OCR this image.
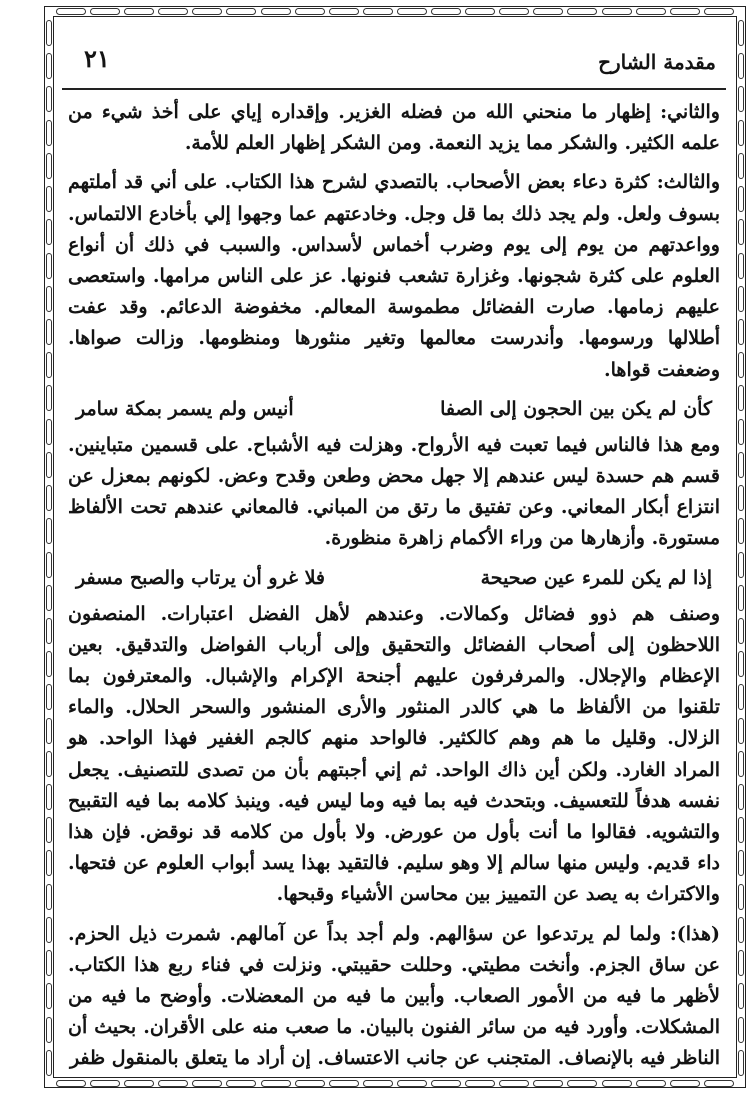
مقدمة الشارح
٢١

والثاني: إظهار ما منحني الله من فضله الغزير. وإقداره إياي على أخذ شيء من علمه الكثير. والشكر مما يزيد النعمة. ومن الشكر إظهار العلم للأمة.

والثالث: كثرة دعاء بعض الأصحاب. بالتصدي لشرح هذا الكتاب. على أني قد أملتهم بسوف ولعل. ولم يجد ذلك بما قل وجل. وخادعتهم عما وجهوا إلي بأخادع الالتماس. وواعدتهم من يوم إلى يوم وضرب أخماس لأسداس. والسبب في ذلك أن أنواع العلوم على كثرة شجونها. وغزارة تشعب فنونها. عز على الناس مرامها. واستعصى عليهم زمامها. صارت الفضائل مطموسة المعالم. مخفوضة الدعائم. وقد عفت أطلالها ورسومها. وأندرست معالمها وتغير منثورها ومنظومها. وزالت صواها. وضعفت قواها.

كأن لم يكن بين الحجون إلى الصفا
أنيس ولم يسمر بمكة سامر

ومع هذا فالناس فيما تعبت فيه الأرواح. وهزلت فيه الأشباح. على قسمين متباينين. قسم هم حسدة ليس عندهم إلا جهل محض وطعن وقدح وعض. لكونهم بمعزل عن انتزاع أبكار المعاني. وعن تفتيق ما رتق من المباني. فالمعاني عندهم تحت الألفاظ مستورة. وأزهارها من وراء الأكمام زاهرة منظورة.

إذا لم يكن للمرء عين صحيحة
فلا غرو أن يرتاب والصبح مسفر

وصنف هم ذوو فضائل وكمالات. وعندهم لأهل الفضل اعتبارات. المنصفون اللاحظون إلى أصحاب الفضائل والتحقيق وإلى أرباب الفواضل والتدقيق. بعين الإعظام والإجلال. والمرفرفون عليهم أجنحة الإكرام والإشبال. والمعترفون بما تلقنوا من الألفاظ ما هي كالدر المنثور والأرى المنشور والسحر الحلال. والماء الزلال. وقليل ما هم وهم كالكثير. فالواحد منهم كالجم الغفير فهذا الواحد. هو المراد الغارد. ولكن أين ذاك الواحد. ثم إني أجبتهم بأن من تصدى للتصنيف. يجعل نفسه هدفاً للتعسيف. وبتحدث فيه بما فيه وما ليس فيه. وينبذ كلامه بما فيه التقبيح والتشويه. فقالوا ما أنت بأول من عورض. ولا بأول من كلامه قد نوقض. فإن هذا داء قديم. وليس منها سالم إلا وهو سليم. فالتقيد بهذا يسد أبواب العلوم عن فتحها. والاكتراث به يصد عن التمييز بين محاسن الأشياء وقبحها.

(هذا): ولما لم يرتدعوا عن سؤالهم. ولم أجد بداً عن آمالهم. شمرت ذيل الحزم. عن ساق الجزم. وأنخت مطيتي. وحللت حقيبتي. ونزلت في فناء ربع هذا الكتاب. لأظهر ما فيه من الأمور الصعاب. وأبين ما فيه من المعضلات. وأوضح ما فيه من المشكلات. وأورد فيه من سائر الفنون بالبيان. ما صعب منه على الأقران. بحيث أن الناظر فيه بالإنصاف. المتجنب عن جانب الاعتساف. إن أراد ما يتعلق بالمنقول ظفر
